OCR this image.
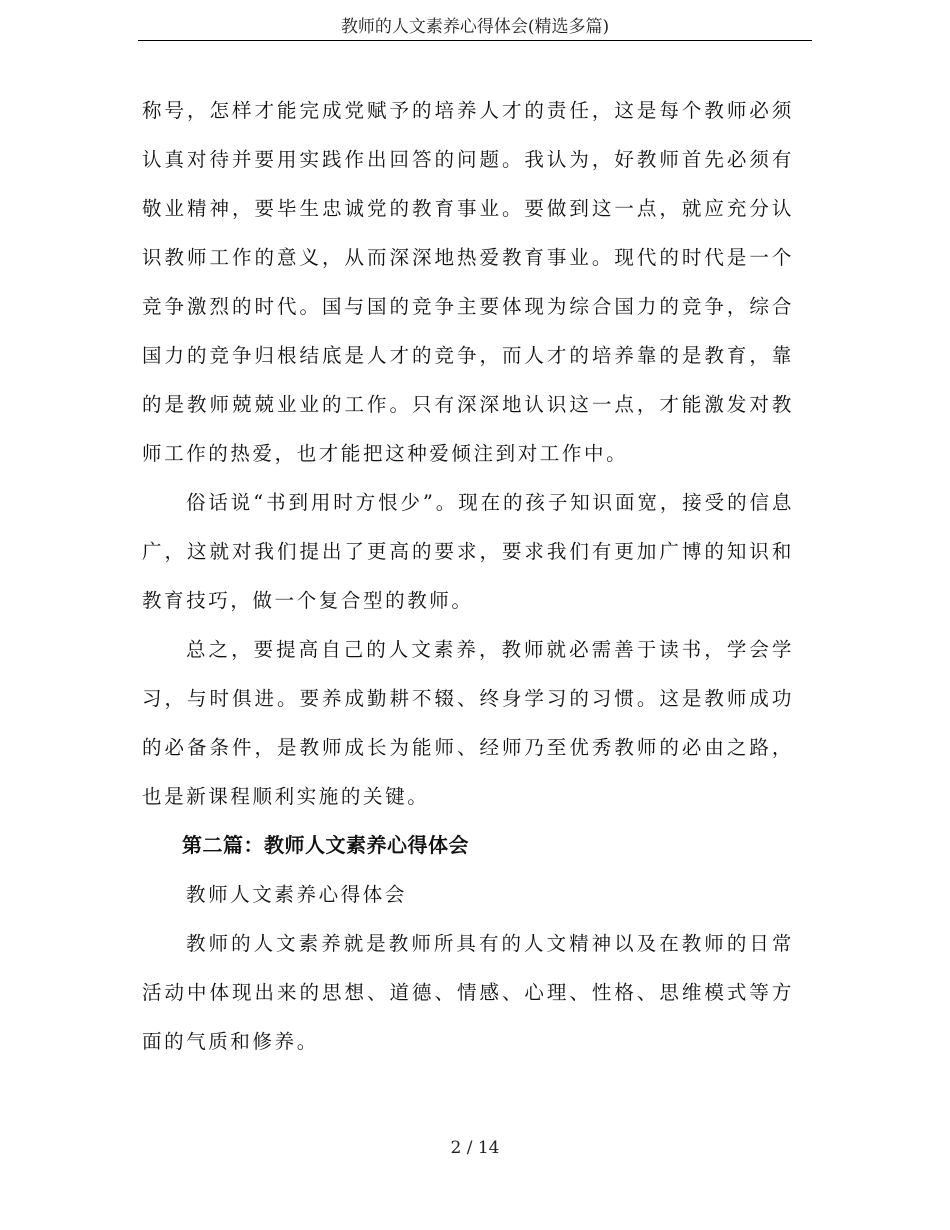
教师的人文素养心得体会(精选多篇)

称号，怎样才能完成党赋予的培养人才的责任，这是每个教师必须认真对待并要用实践作出回答的问题。我认为，好教师首先必须有敬业精神，要毕生忠诚党的教育事业。要做到这一点，就应充分认识教师工作的意义，从而深深地热爱教育事业。现代的时代是一个竞争激烈的时代。国与国的竞争主要体现为综合国力的竞争，综合国力的竞争归根结底是人才的竞争，而人才的培养靠的是教育，靠的是教师兢兢业业的工作。只有深深地认识这一点，才能激发对教师工作的热爱，也才能把这种爱倾注到对工作中。

俗话说“书到用时方恨少”。现在的孩子知识面宽，接受的信息广，这就对我们提出了更高的要求，要求我们有更加广博的知识和教育技巧，做一个复合型的教师。

总之，要提高自己的人文素养，教师就必需善于读书，学会学习，与时俱进。要养成勤耕不辍、终身学习的习惯。这是教师成功的必备条件，是教师成长为能师、经师乃至优秀教师的必由之路，也是新课程顺利实施的关键。

第二篇：教师人文素养心得体会

教师人文素养心得体会

教师的人文素养就是教师所具有的人文精神以及在教师的日常活动中体现出来的思想、道德、情感、心理、性格、思维模式等方面的气质和修养。

2 / 14
